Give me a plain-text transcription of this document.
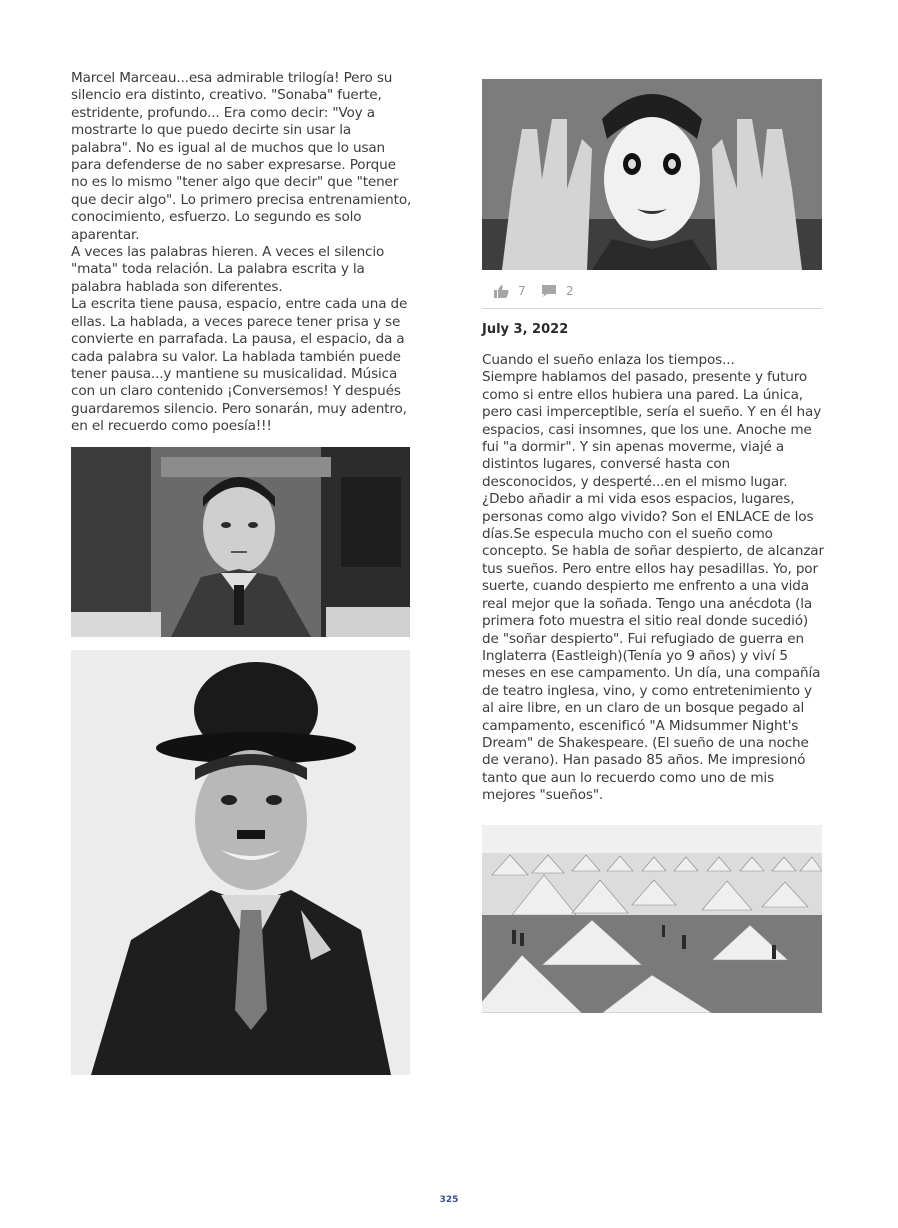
Marcel Marceau...esa admirable trilogía! Pero su silencio era distinto, creativo. "Sonaba" fuerte, estridente, profundo... Era como decir: "Voy a mostrarte lo que puedo decirte sin usar la palabra". No es igual al de muchos que lo usan para defenderse de no saber expresarse. Porque no es lo mismo "tener algo que decir" que "tener que decir algo". Lo primero precisa entrenamiento, conocimiento, esfuerzo. Lo segundo es solo aparentar.

A veces las palabras hieren. A veces el silencio "mata" toda relación. La palabra escrita y la palabra hablada son diferentes.

La escrita tiene pausa, espacio, entre cada una de ellas. La hablada, a veces parece tener prisa y se convierte en parrafada. La pausa, el espacio, da a cada palabra su valor. La hablada también puede tener pausa...y mantiene su musicalidad. Música con un claro contenido ¡Conversemos! Y después guardaremos silencio. Pero sonarán, muy adentro, en el recuerdo como poesía!!!

7	2
July 3, 2022

Cuando el sueño enlaza los tiempos...

Siempre hablamos del pasado, presente y futuro como si entre ellos hubiera una pared. La única, pero casi imperceptible, sería el sueño. Y en él hay espacios, casi insomnes, que los une. Anoche me fui "a dormir". Y sin apenas moverme, viajé a distintos lugares, conversé hasta con desconocidos, y desperté...en el mismo lugar. ¿Debo añadir a mi vida esos espacios, lugares, personas como algo vivido? Son el ENLACE de los días.Se especula mucho con el sueño como concepto. Se habla de soñar despierto, de alcanzar tus sueños. Pero entre ellos hay pesadillas. Yo, por suerte, cuando despierto me enfrento a una vida real mejor que la soñada. Tengo una anécdota (la primera foto muestra el sitio real donde sucedió) de "soñar despierto". Fui refugiado de guerra en Inglaterra (Eastleigh)(Tenía yo 9 años) y viví 5 meses en ese campamento. Un día, una compañía de teatro inglesa, vino, y como entretenimiento y al aire libre, en un claro de un bosque pegado al campamento, escenificó "A Midsummer Night's Dream" de Shakespeare. (El sueño de una noche de verano). Han pasado 85 años. Me impresionó tanto que aun lo recuerdo como uno de mis mejores "sueños".

325
